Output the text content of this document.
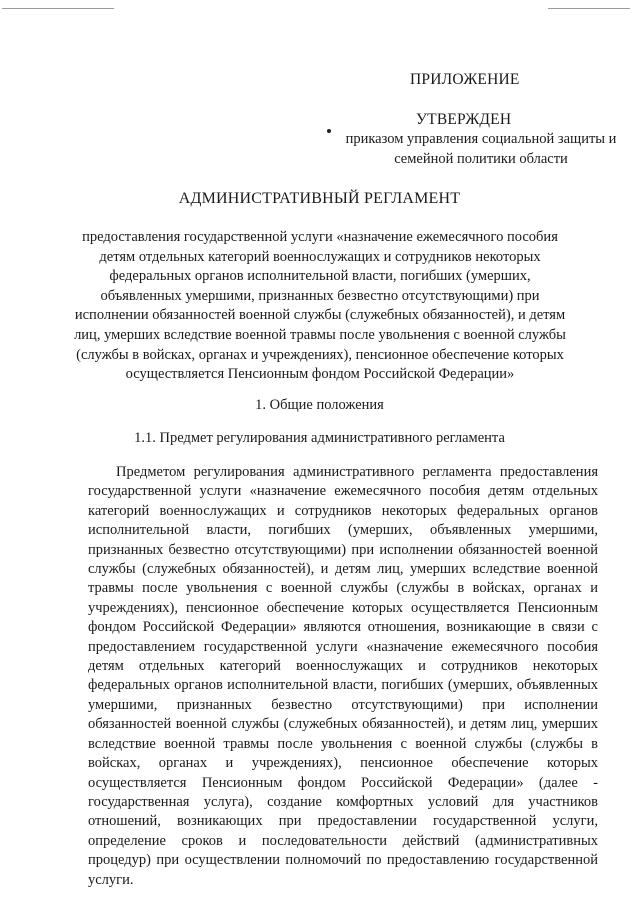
ПРИЛОЖЕНИЕ
УТВЕРЖДЕН
приказом управления социальной защиты и семейной политики области
АДМИНИСТРАТИВНЫЙ РЕГЛАМЕНТ
предоставления государственной услуги «назначение ежемесячного пособия детям отдельных категорий военнослужащих и сотрудников некоторых федеральных органов исполнительной власти, погибших (умерших, объявленных умершими, признанных безвестно отсутствующими) при исполнении обязанностей военной службы (служебных обязанностей), и детям лиц, умерших вследствие военной травмы после увольнения с военной службы (службы в войсках, органах и учреждениях), пенсионное обеспечение которых осуществляется Пенсионным фондом Российской Федерации»
1. Общие положения
1.1. Предмет регулирования административного регламента

Предметом регулирования административного регламента предоставления государственной услуги «назначение ежемесячного пособия детям отдельных категорий военнослужащих и сотрудников некоторых федеральных органов исполнительной власти, погибших (умерших, объявленных умершими, признанных безвестно отсутствующими) при исполнении обязанностей военной службы (служебных обязанностей), и детям лиц, умерших вследствие военной травмы после увольнения с военной службы (службы в войсках, органах и учреждениях), пенсионное обеспечение которых осуществляется Пенсионным фондом Российской Федерации» являются отношения, возникающие в связи с предоставлением государственной услуги «назначение ежемесячного пособия детям отдельных категорий военнослужащих и сотрудников некоторых федеральных органов исполнительной власти, погибших (умерших, объявленных умершими, признанных безвестно отсутствующими) при исполнении обязанностей военной службы (служебных обязанностей), и детям лиц, умерших вследствие военной травмы после увольнения с военной службы (службы в войсках, органах и учреждениях), пенсионное обеспечение которых осуществляется Пенсионным фондом Российской Федерации» (далее - государственная услуга), создание комфортных условий для участников отношений, возникающих при предоставлении государственной услуги, определение сроков и последовательности действий (административных процедур) при осуществлении полномочий по предоставлению государственной услуги.
